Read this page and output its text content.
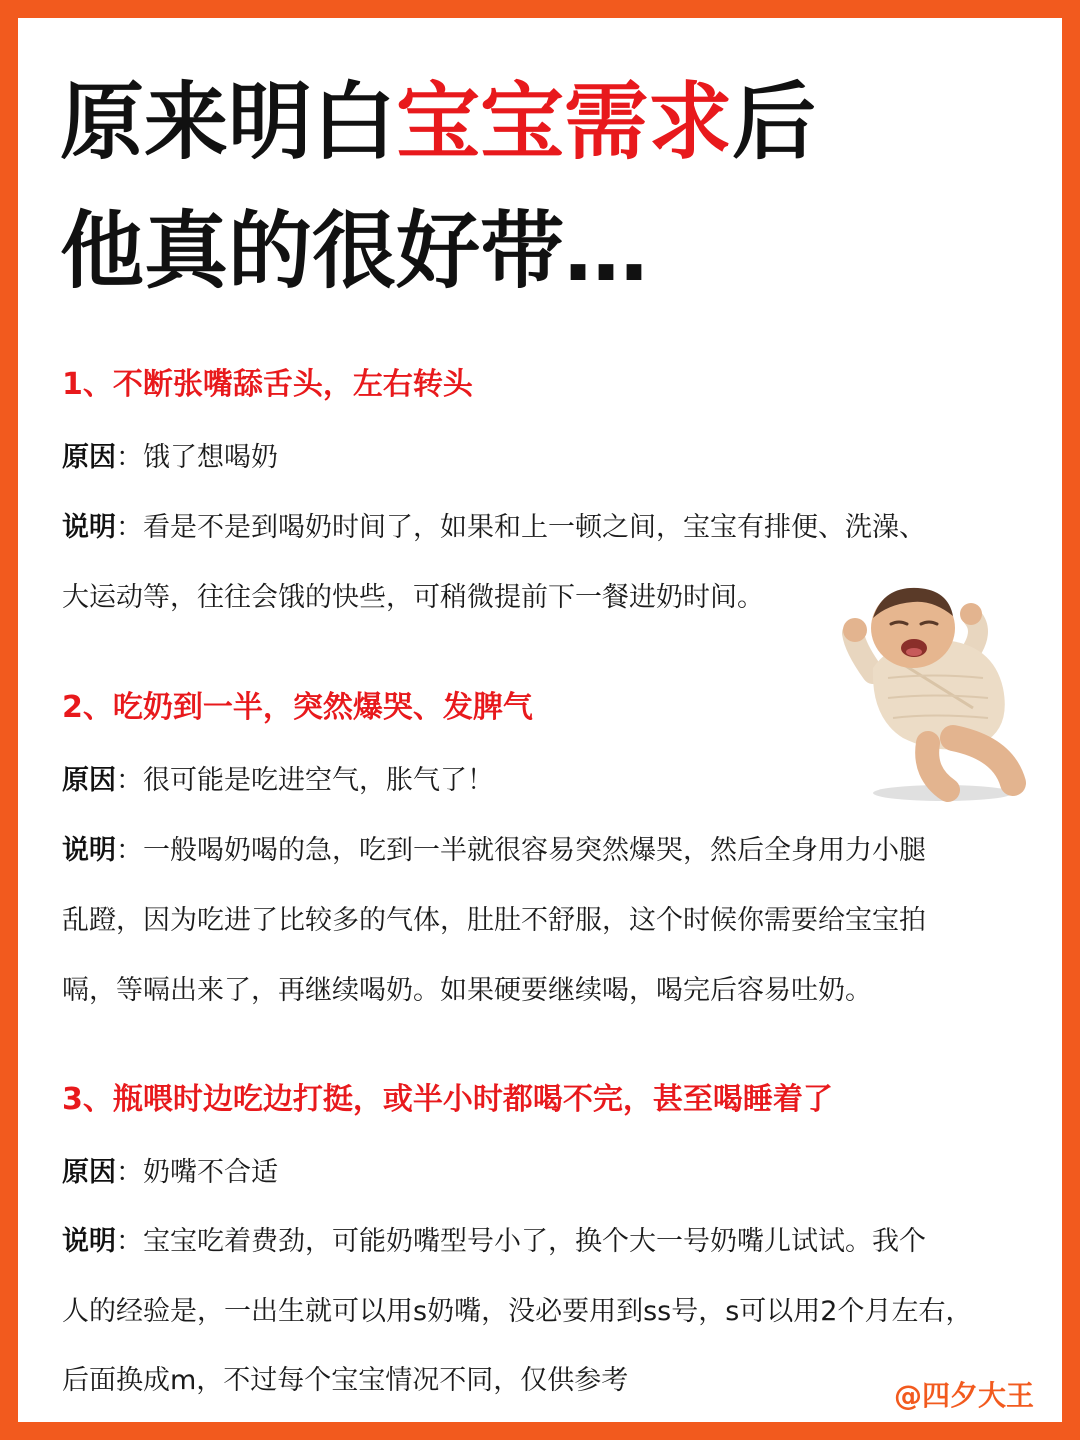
原来明白宝宝需求后
他真的很好带…
1、不断张嘴舔舌头，左右转头
原因：饿了想喝奶
说明：看是不是到喝奶时间了，如果和上一顿之间，宝宝有排便、洗澡、
大运动等，往往会饿的快些，可稍微提前下一餐进奶时间。
2、吃奶到一半，突然爆哭、发脾气
原因：很可能是吃进空气，胀气了！
说明：一般喝奶喝的急，吃到一半就很容易突然爆哭，然后全身用力小腿
乱蹬，因为吃进了比较多的气体，肚肚不舒服，这个时候你需要给宝宝拍
嗝，等嗝出来了，再继续喝奶。如果硬要继续喝，喝完后容易吐奶。
3、瓶喂时边吃边打挺，或半小时都喝不完，甚至喝睡着了
原因：奶嘴不合适
说明：宝宝吃着费劲，可能奶嘴型号小了，换个大一号奶嘴儿试试。我个
人的经验是，一出生就可以用s奶嘴，没必要用到ss号，s可以用2个月左右，
后面换成m，不过每个宝宝情况不同，仅供参考	@四夕大王
